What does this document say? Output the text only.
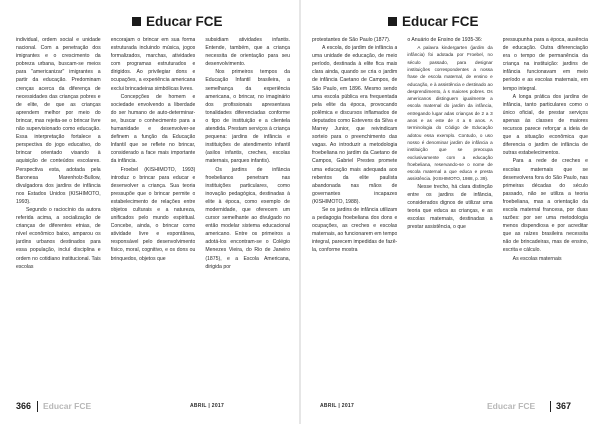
Educar FCE

individual, ordem social e unidade nacional. Com a penetração dos imigrantes e o crescimento da pobreza urbana, buscam-se meios para "americanizar" imigrantes a partir da educação. Predominam crenças acerca da diferença de necessidades das crianças pobres e de elite, de que as crianças aprendem melhor por meio do brincar, mas rejeita-se o brincar livre não supervisionado como educação. Essa interpretação fortalece a perspectiva do jogo educativo, do brincar orientado visando à aquisição de conteúdos escolares. Perspectiva esta, adotada pela Baronesa Marenholz-Bullow, divulgadora dos jardins de infância nos Estados Unidos (KISHIMOTO, 1993).

Segundo o raciocínio da autora referida acima, a socialização de crianças de diferentes etnias, de nível econômico baixo, amparou os jardins urbanos destinados para essa população, incluí disciplina e ordem no cotidiano institucional. Tais escolas

encorajam o brincar em sua forma estruturada incluindo música, jogos formalizados, marchas, atividades com programas estruturados e dirigidos. Ao privilegiar dons e ocupações, a experiência americana exclui brincadeiras simbólicas livres.

Concepções de homem e sociedade envolvendo a liberdade do ser humano de auto-determinar-se, buscar o conhecimento para a humanidade e desenvolver-se definem a função da Educação Infantil que se reflete no brincar, considerado a face mais importante da infância.

Froebel (KISHIMOTO, 1993) introduz o brincar para educar e desenvolver a criança. Sua teoria pressupõe que o brincar permite o estabelecimento de relações entre objetos culturais e a natureza, unificados pelo mundo espiritual. Concebe, ainda, o brincar como atividade livre e espontânea, responsável pelo desenvolvimento físico, moral, cognitivo, e os dons ou brinquedos, objetos que

subsidiam atividades infantis. Entende, também, que a criança necessita de orientação para seu desenvolvimento.

Nos primeiros tempos da Educação Infantil brasileira, a semelhança da experiência americana, o brincar, no imaginário dos profissionais apresentava tonalidades diferenciadas conforme o tipo de instituição e a clientela atendida. Prestam serviços à criança pequena: jardins de infância e instituições de atendimento infantil (asilos infantis, creches, escolas maternais, parques infantis).

Os jardins de infância froebelianos penetram nas instituições particulares, como inovação pedagógica, destinadas à elite à época, como exemplo de modernidade, que oferecem um cursor semelhante ao divulgado no então modelar sistema educacional americano. Entre os primeiros a adotá-los encontram-se o Colégio Menezes Vieira, do Rio de Janeiro (1875), e a Escola Americana, dirigida por

366 Educar FCE	ABRIL | 2017
Educar FCE

protestantes de São Paulo (1877).

A escola, do jardim de infância a uma unidade de educação, de meio período, destinada à elite fica mais clara ainda, quando se cria o jardim de infância Caetano de Campos, de São Paulo, em 1896. Mesmo sendo uma escola pública era frequentada pela elite da época, provocando polêmica e discursos inflamados de deputados como Estevens da Silva e Marrey Junior, que reivindicam sorteio para o preenchimento das vagas. Ao introduzir a metodologia froebeliana no jardim da Caetano de Campos, Gabriel Prestes promete uma educação mais adequada aos rebentos da elite paulista abandonada nas mãos de governantes incapazes (KISHIMOTO, 1988).

Se os jardins de infância utilizam a pedagogia froebeliana dos dons e ocupações, as creches e escolas maternais, ao funcionarem em tempo integral, parecem impedidas de fazê-la, conforme mostra

o Anuário de Ensino de 1935-36:

A palavra kindergarten (jardim da infância) foi adotada por Froebel, no século passado, para designar instituições correspondentes a nossa frase de escola maternal, de ensino e educação, e à assistência e destinado ao desprendimento, à s maiores pobres. Os americanos distinguem igualmente a escola maternal do jardim da infância, entregando lugar adas crianças de 2 a 3 anos e as este de 4 a 6 anos. A terminologia do Código de Educação adotou essa exemplo. Contudo, o uso nosso é denominar jardim de infância a instituição que se preocupa exclusivamente com a educação froebeliana, reservando-se o nome de escola maternal a que educa e presta assistência. (KISHIMOTO, 1988, p. 39).

Nesse trecho, há clara distinção entre os jardins de infância, considerados dignos de utilizar uma teoria que educa as crianças, e as escolas maternais, destinadas a prestar assistência, o que

pressupunha para a época, ausência de educação. Outra diferenciação era o tempo de permanência da criança na instituição: jardins de infância funcionavam em meio período e as escolas maternais, em tempo integral.

A longa prática dos jardins de infância, tanto particulares como o único oficial, de prestar serviços apenas às classes de maiores recursos parece reforçar a ideia de que a situação econômica que diferencia o jardim de infância de outras estabelecimentos.

Para a rede de creches e escolas maternais que se desenvolvera fora do São Paulo, nas primeiras décadas do século passado, não se utiliza a teoria froebeliana, mas a orientação da escola maternal francesa, por duas razões: por ser uma metodologia menos dispendiosa e por acreditar que as raízes brasileira necessita não de brincadeiras, mas de ensino, escrita e cálculo.

As escolas maternais

ABRIL | 2017	Educar FCE 367
